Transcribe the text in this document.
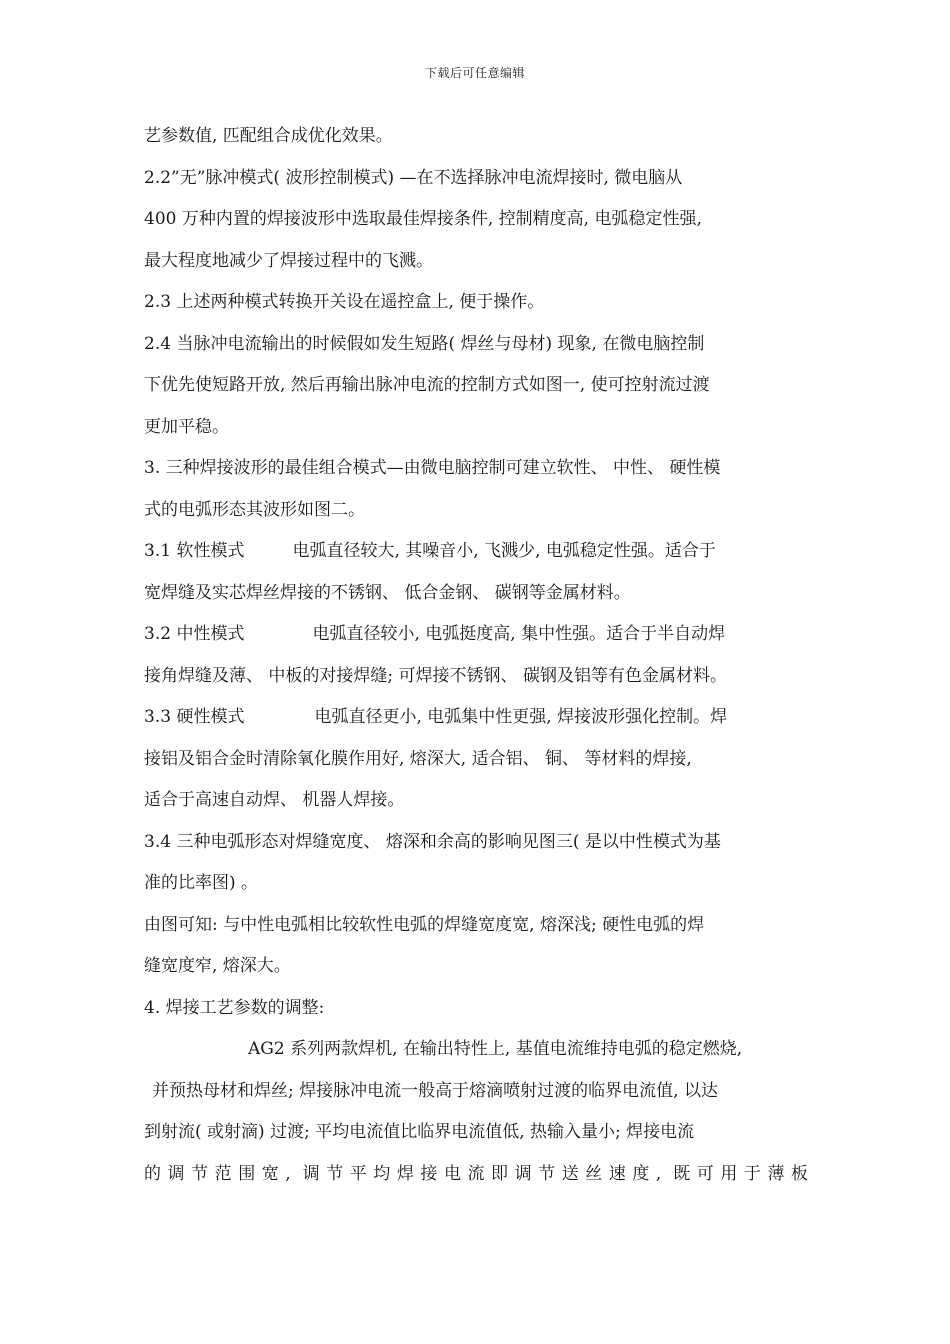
下载后可任意编辑
艺参数值, 匹配组合成优化效果。
2.2”无”脉冲模式( 波形控制模式) —在不选择脉冲电流焊接时, 微电脑从
400 万种内置的焊接波形中选取最佳焊接条件, 控制精度高, 电弧稳定性强,
最大程度地减少了焊接过程中的飞溅。
2.3 上述两种模式转换开关设在遥控盒上, 便于操作。
2.4 当脉冲电流输出的时候假如发生短路( 焊丝与母材) 现象, 在微电脑控制
下优先使短路开放, 然后再输出脉冲电流的控制方式如图一, 使可控射流过渡
更加平稳。
3. 三种焊接波形的最佳组合模式—由微电脑控制可建立软性、 中性、 硬性模
式的电弧形态其波形如图二。
3.1 软性模式	电弧直径较大, 其噪音小, 飞溅少, 电弧稳定性强。适合于
宽焊缝及实芯焊丝焊接的不锈钢、 低合金钢、 碳钢等金属材料。
3.2 中性模式	电弧直径较小, 电弧挺度高, 集中性强。适合于半自动焊
接角焊缝及薄、 中板的对接焊缝; 可焊接不锈钢、 碳钢及铝等有色金属材料。
3.3 硬性模式	电弧直径更小, 电弧集中性更强, 焊接波形强化控制。焊
接铝及铝合金时清除氧化膜作用好, 熔深大, 适合铝、 铜、 等材料的焊接,
适合于高速自动焊、 机器人焊接。
3.4 三种电弧形态对焊缝宽度、 熔深和余高的影响见图三( 是以中性模式为基
准的比率图) 。
由图可知: 与中性电弧相比较软性电弧的焊缝宽度宽, 熔深浅; 硬性电弧的焊
缝宽度窄, 熔深大。
4. 焊接工艺参数的调整:
AG2 系列两款焊机, 在输出特性上, 基值电流维持电弧的稳定燃烧,
并预热母材和焊丝; 焊接脉冲电流一般高于熔滴喷射过渡的临界电流值, 以达
到射流( 或射滴) 过渡; 平均电流值比临界电流值低, 热输入量小; 焊接电流
的调节范围宽, 调节平均焊接电流即调节送丝速度, 既可用于薄板
